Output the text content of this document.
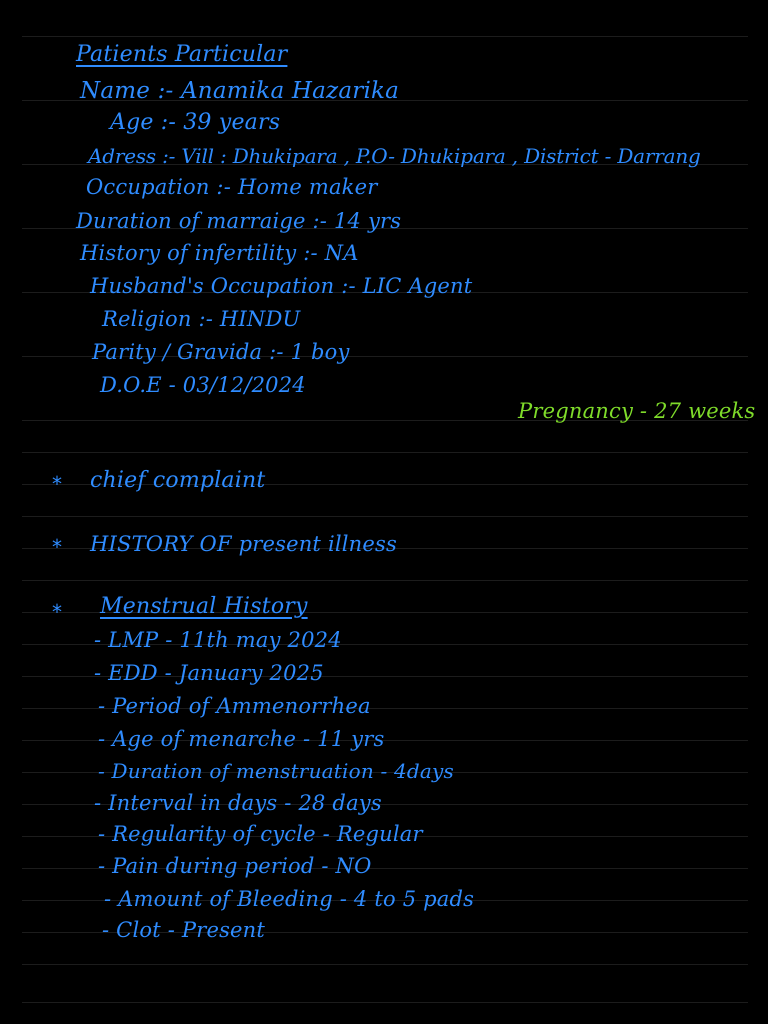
Patients Particular
Name :- Anamika Hazarika
Age :- 39 years
Adress :- Vill : Dhukipara , P.O- Dhukipara , District - Darrang
Occupation :- Home maker
Duration of marraige :- 14 yrs
History of infertility :- NA
Husband's Occupation :- LIC Agent
Religion :- HINDU
Parity / Gravida :- 1 boy
D.O.E - 03/12/2024
Pregnancy - 27 weeks
* chief complaint
* HISTORY OF present illness
* Menstrual History
- LMP - 11th may 2024
- EDD - January 2025
- Period of Ammenorrhea
- Age of menarche - 11 yrs
- Duration of menstruation - 4days
- Interval in days - 28 days
- Regularity of cycle - Regular
- Pain during period - NO
- Amount of Bleeding - 4 to 5 pads
- Clot - Present
